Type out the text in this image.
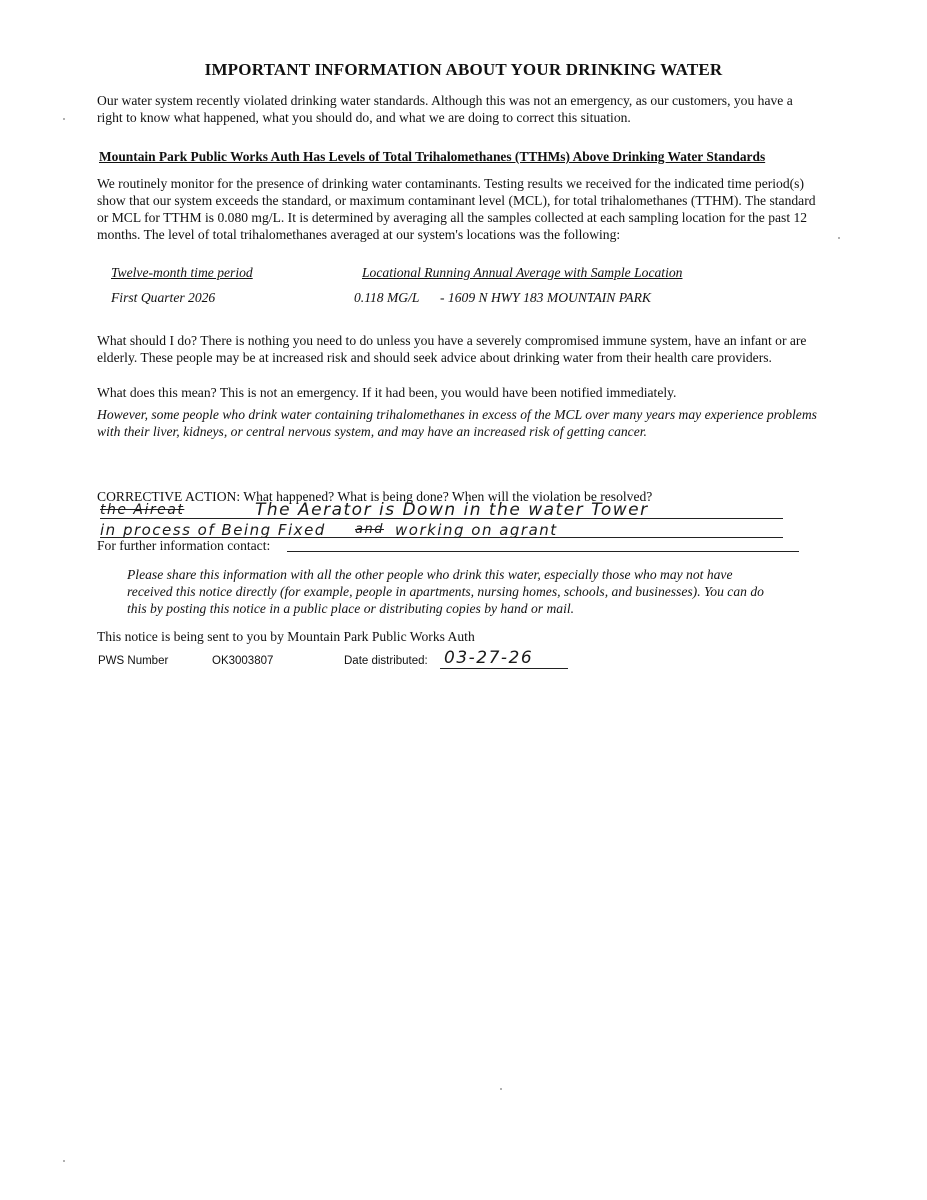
IMPORTANT INFORMATION ABOUT YOUR DRINKING WATER
Our water system recently violated drinking water standards. Although this was not an emergency, as our customers, you have a right to know what happened, what you should do, and what we are doing to correct this situation.
Mountain Park Public Works Auth Has Levels of Total Trihalomethanes (TTHMs) Above Drinking Water Standards
We routinely monitor for the presence of drinking water contaminants. Testing results we received for the indicated time period(s) show that our system exceeds the standard, or maximum contaminant level (MCL), for total trihalomethanes (TTHM). The standard or MCL for TTHM is 0.080 mg/L. It is determined by averaging all the samples collected at each sampling location for the past 12 months. The level of total trihalomethanes averaged at our system's locations was the following:
Twelve-month time period	Locational Running Annual Average with Sample Location
First Quarter 2026	0.118 MG/L - 1609 N HWY 183 MOUNTAIN PARK
What should I do? There is nothing you need to do unless you have a severely compromised immune system, have an infant or are elderly. These people may be at increased risk and should seek advice about drinking water from their health care providers.
What does this mean? This is not an emergency. If it had been, you would have been notified immediately.
However, some people who drink water containing trihalomethanes in excess of the MCL over many years may experience problems with their liver, kidneys, or central nervous system, and may have an increased risk of getting cancer.
CORRECTIVE ACTION: What happened? What is being done? When will the violation be resolved?
the Aireat	The Aerator is Down in the water Tower
in process of Being Fixed and working on agrant
For further information contact:
Please share this information with all the other people who drink this water, especially those who may not have received this notice directly (for example, people in apartments, nursing homes, schools, and businesses). You can do this by posting this notice in a public place or distributing copies by hand or mail.
This notice is being sent to you by Mountain Park Public Works Auth
PWS Number	OK3003807	Date distributed: 03-27-26
